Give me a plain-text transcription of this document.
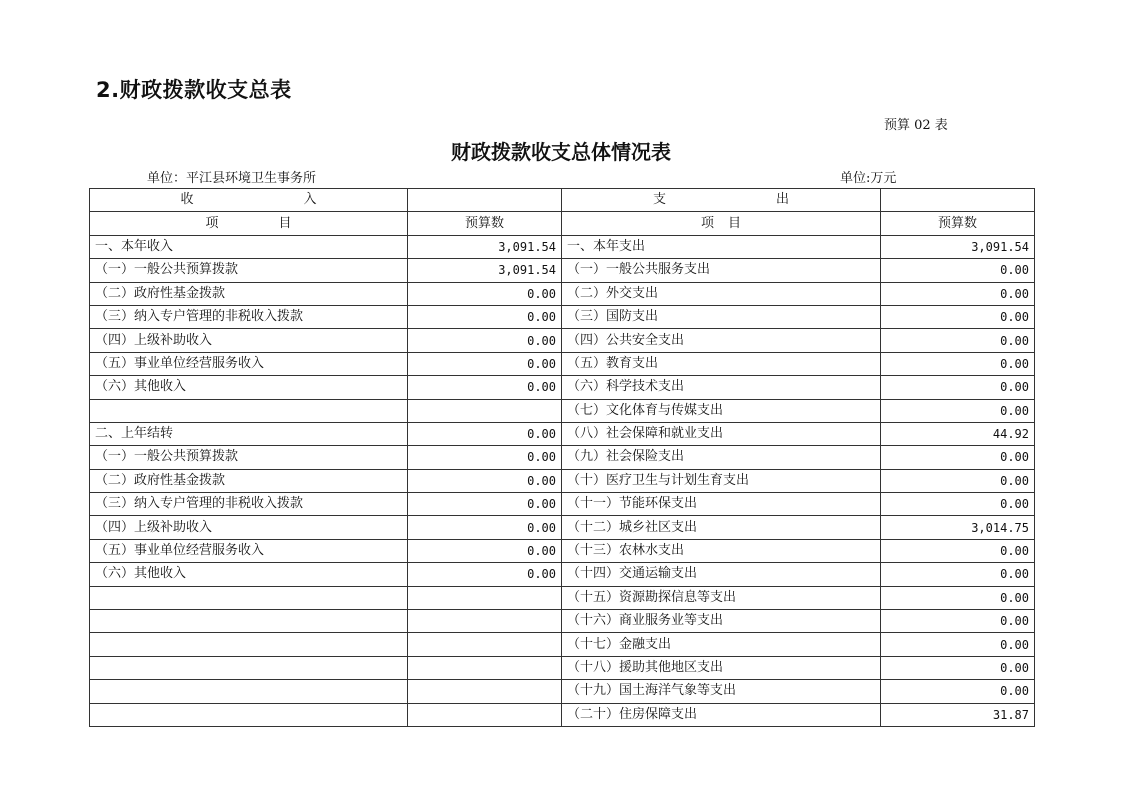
2.财政拨款收支总表
预算 02 表
财政拨款收支总体情况表
单位：平江县环境卫生事务所	单位:万元
收 入		支 出	

项 目	预算数	项 目	预算数
一、本年收入	3,091.54	一、本年支出	3,091.54
（一）一般公共预算拨款	3,091.54	（一）一般公共服务支出	0.00
（二）政府性基金拨款	0.00	（二）外交支出	0.00
（三）纳入专户管理的非税收入拨款	0.00	（三）国防支出	0.00
（四）上级补助收入	0.00	（四）公共安全支出	0.00
（五）事业单位经营服务收入	0.00	（五）教育支出	0.00
（六）其他收入	0.00	（六）科学技术支出	0.00
		（七）文化体育与传媒支出	0.00
二、上年结转	0.00	（八）社会保障和就业支出	44.92
（一）一般公共预算拨款	0.00	（九）社会保险支出	0.00
（二）政府性基金拨款	0.00	（十）医疗卫生与计划生育支出	0.00
（三）纳入专户管理的非税收入拨款	0.00	（十一）节能环保支出	0.00
（四）上级补助收入	0.00	（十二）城乡社区支出	3,014.75
（五）事业单位经营服务收入	0.00	（十三）农林水支出	0.00
（六）其他收入	0.00	（十四）交通运输支出	0.00
		（十五）资源勘探信息等支出	0.00
		（十六）商业服务业等支出	0.00
		（十七）金融支出	0.00
		（十八）援助其他地区支出	0.00
		（十九）国土海洋气象等支出	0.00
		（二十）住房保障支出	31.87
